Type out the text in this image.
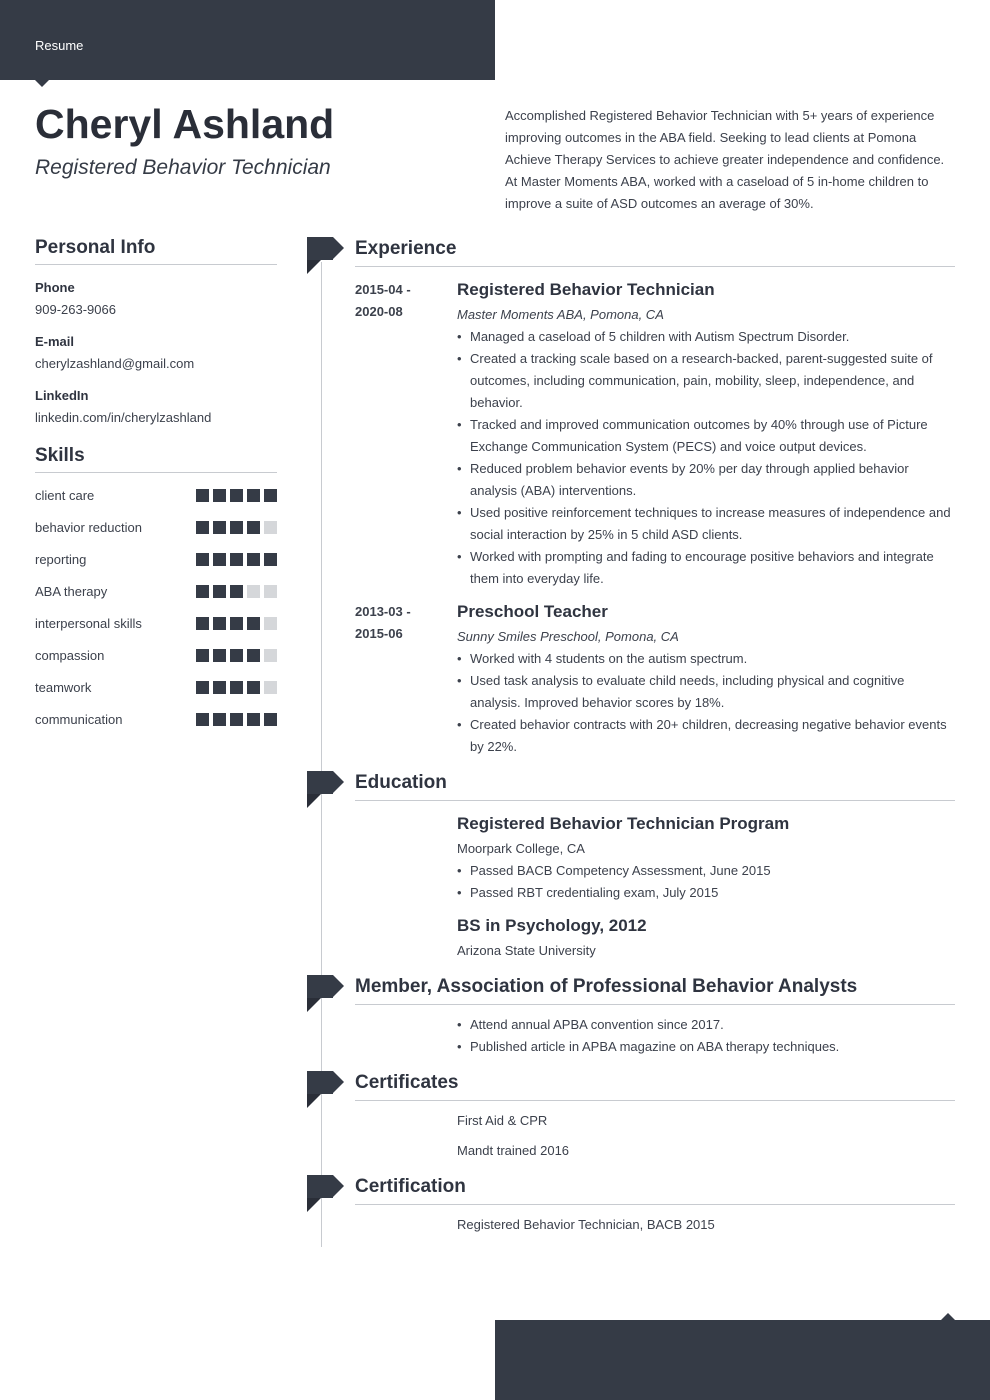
Resume
Cheryl Ashland
Registered Behavior Technician

Accomplished Registered Behavior Technician with 5+ years of experience improving outcomes in the ABA field. Seeking to lead clients at Pomona Achieve Therapy Services to achieve greater independence and confidence. At Master Moments ABA, worked with a caseload of 5 in-home children to improve a suite of ASD outcomes an average of 30%.

Personal Info
Phone
909-263-9066
E-mail
cherylzashland@gmail.com
LinkedIn
linkedin.com/in/cherylzashland
Skills
client care
behavior reduction
reporting
ABA therapy
interpersonal skills
compassion
teamwork
communication
Experience
2015-04 -
2020-08
Registered Behavior Technician
Master Moments ABA, Pomona, CA
• Managed a caseload of 5 children with Autism Spectrum Disorder.
• Created a tracking scale based on a research-backed, parent-suggested suite of outcomes, including communication, pain, mobility, sleep, independence, and behavior.
• Tracked and improved communication outcomes by 40% through use of Picture Exchange Communication System (PECS) and voice output devices.
• Reduced problem behavior events by 20% per day through applied behavior analysis (ABA) interventions.
• Used positive reinforcement techniques to increase measures of independence and social interaction by 25% in 5 child ASD clients.
• Worked with prompting and fading to encourage positive behaviors and integrate them into everyday life.
2013-03 -
2015-06
Preschool Teacher
Sunny Smiles Preschool, Pomona, CA
• Worked with 4 students on the autism spectrum.
• Used task analysis to evaluate child needs, including physical and cognitive analysis. Improved behavior scores by 18%.
• Created behavior contracts with 20+ children, decreasing negative behavior events by 22%.
Education
Registered Behavior Technician Program
Moorpark College, CA
• Passed BACB Competency Assessment, June 2015
• Passed RBT credentialing exam, July 2015
BS in Psychology, 2012
Arizona State University
Member, Association of Professional Behavior Analysts
• Attend annual APBA convention since 2017.
• Published article in APBA magazine on ABA therapy techniques.
Certificates
First Aid & CPR
Mandt trained 2016
Certification
Registered Behavior Technician, BACB 2015
